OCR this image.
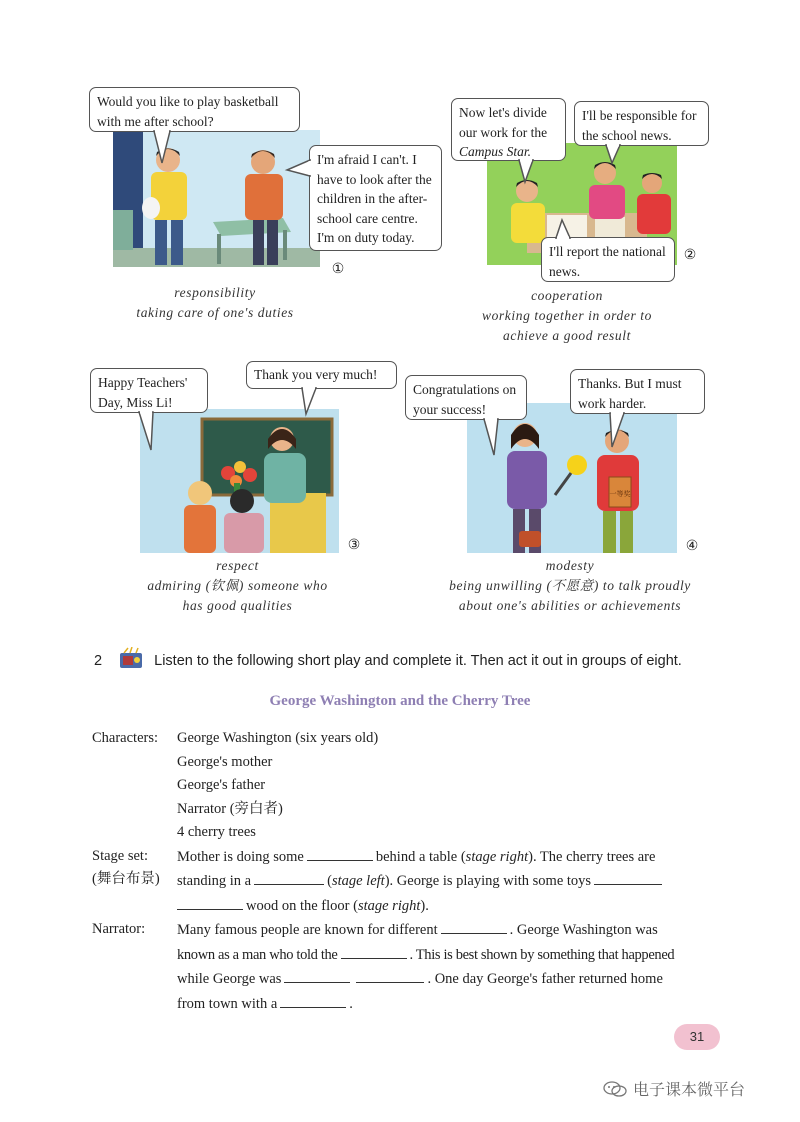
Would you like to play basketball
with me after school?
I'm afraid I can't. I
have to look after the
children in the after-
school care centre.
I'm on duty today.
①
responsibility
taking care of one's duties
Now let's divide
our work for the
Campus Star.
I'll be responsible for
the school news.
I'll report the national
news.
②
cooperation
working together in order to
achieve a good result
Happy Teachers'
Day, Miss Li!
Thank you very much!
③
respect
admiring (钦佩) someone who
has good qualities
一等奖
Congratulations on
your success!
Thanks. But I must
work harder.
④
modesty
being unwilling (不愿意) to talk proudly
about one's abilities or achievements
2	Listen to the following short play and complete it. Then act it out in groups of eight.
George Washington and the Cherry Tree
Characters:	George Washington (six years old)
George's mother
George's father
Narrator (旁白者)
4 cherry trees
Stage set:
(舞台布景)
Mother is doing some	behind a table (stage right). The cherry trees are
standing in a	(stage left). George is playing with some toys
wood on the floor (stage right).
Narrator:	Many famous people are known for different	. George Washington was
known as a man who told the	. This is best shown by something that happened
while George was	. One day George's father returned home
from town with a	.
31
电子课本微平台
